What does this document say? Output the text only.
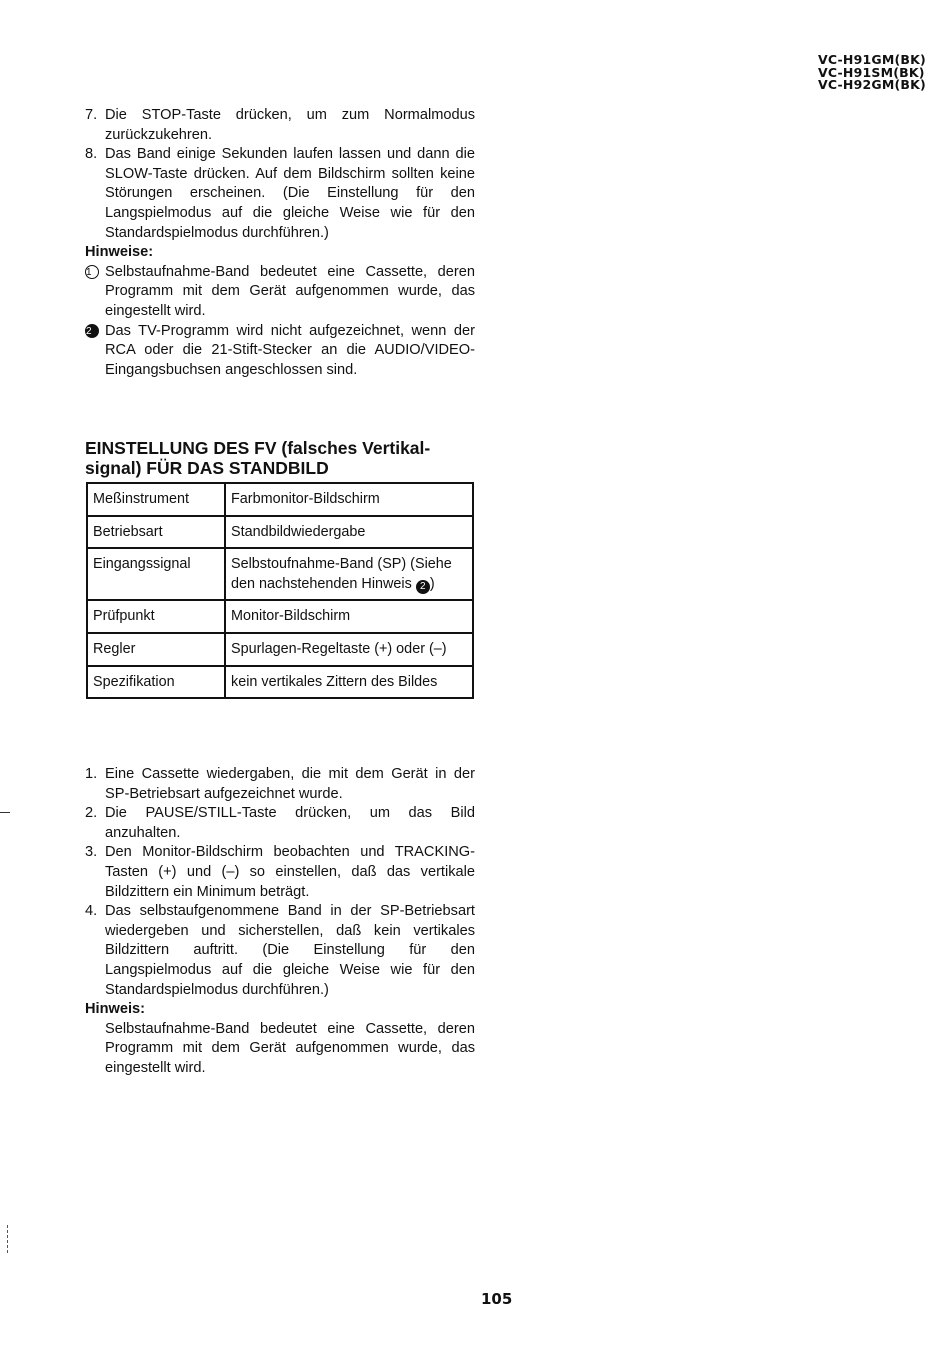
VC-H91GM(BK)
VC-H91SM(BK)
VC-H92GM(BK)
7. Die STOP-Taste drücken, um zum Normalmodus zurückzukehren.
8. Das Band einige Sekunden laufen lassen und dann die SLOW-Taste drücken. Auf dem Bildschirm sollten keine Störungen erscheinen. (Die Einstellung für den Langspielmodus auf die gleiche Weise wie für den Standardspielmodus durchführen.)
Hinweise:
1 Selbstaufnahme-Band bedeutet eine Cassette, deren Programm mit dem Gerät aufgenommen wurde, das eingestellt wird.
2 Das TV-Programm wird nicht aufgezeichnet, wenn der RCA oder die 21-Stift-Stecker an die AUDIO/VIDEO-Eingangsbuchsen angeschlossen sind.
EINSTELLUNG DES FV (falsches Vertikal-signal) FÜR DAS STANDBILD
Meßinstrument	Farbmonitor-Bildschirm
Betriebsart	Standbildwiedergabe
Eingangssignal	Selbstoufnahme-Band (SP) (Siehe den nachstehenden Hinweis 2 )
Prüfpunkt	Monitor-Bildschirm
Regler	Spurlagen-Regeltaste (+) oder (–)
Spezifikation	kein vertikales Zittern des Bildes
1. Eine Cassette wiedergaben, die mit dem Gerät in der SP-Betriebsart aufgezeichnet wurde.
2. Die PAUSE/STILL-Taste drücken, um das Bild anzuhalten.
3. Den Monitor-Bildschirm beobachten und TRACKING-Tasten (+) und (–) so einstellen, daß das vertikale Bildzittern ein Minimum beträgt.
4. Das selbstaufgenommene Band in der SP-Betriebsart wiedergeben und sicherstellen, daß kein vertikales Bildzittern auftritt. (Die Einstellung für den Langspielmodus auf die gleiche Weise wie für den Standardspielmodus durchführen.)
Hinweis:
Selbstaufnahme-Band bedeutet eine Cassette, deren Programm mit dem Gerät aufgenommen wurde, das eingestellt wird.
105
